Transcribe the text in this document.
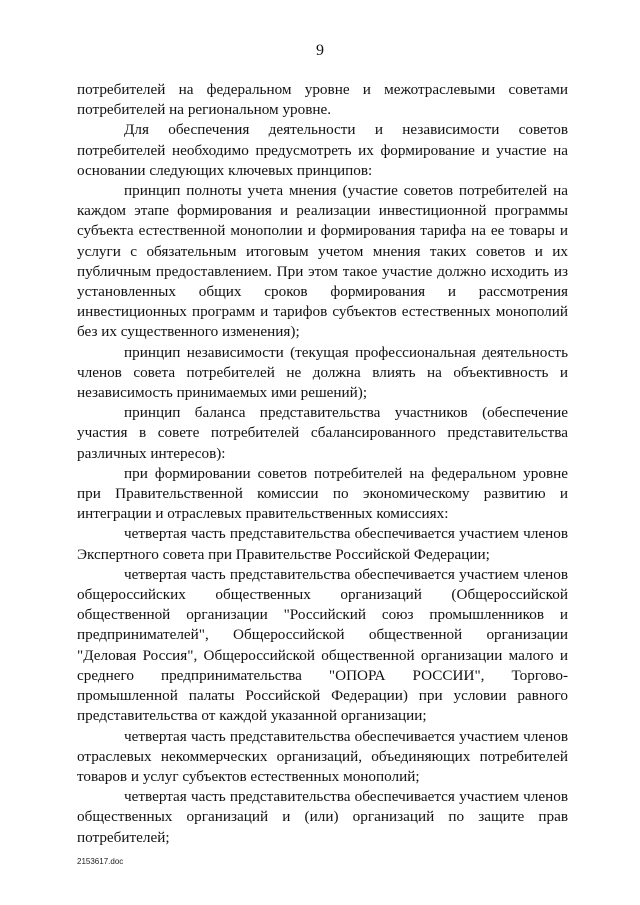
9

потребителей на федеральном уровне и межотраслевыми советами потребителей на региональном уровне.

Для обеспечения деятельности и независимости советов потребителей необходимо предусмотреть их формирование и участие на основании следующих ключевых принципов:

принцип полноты учета мнения (участие советов потребителей на каждом этапе формирования и реализации инвестиционной программы субъекта естественной монополии и формирования тарифа на ее товары и услуги с обязательным итоговым учетом мнения таких советов и их публичным предоставлением. При этом такое участие должно исходить из установленных общих сроков формирования и рассмотрения инвестиционных программ и тарифов субъектов естественных монополий без их существенного изменения);

принцип независимости (текущая профессиональная деятельность членов совета потребителей не должна влиять на объективность и независимость принимаемых ими решений);

принцип баланса представительства участников (обеспечение участия в совете потребителей сбалансированного представительства различных интересов):

при формировании советов потребителей на федеральном уровне при Правительственной комиссии по экономическому развитию и интеграции и отраслевых правительственных комиссиях:

четвертая часть представительства обеспечивается участием членов Экспертного совета при Правительстве Российской Федерации;

четвертая часть представительства обеспечивается участием членов общероссийских общественных организаций (Общероссийской общественной организации "Российский союз промышленников и предпринимателей", Общероссийской общественной организации "Деловая Россия", Общероссийской общественной организации малого и среднего предпринимательства "ОПОРА РОССИИ", Торгово-промышленной палаты Российской Федерации) при условии равного представительства от каждой указанной организации;

четвертая часть представительства обеспечивается участием членов отраслевых некоммерческих организаций, объединяющих потребителей товаров и услуг субъектов естественных монополий;

четвертая часть представительства обеспечивается участием членов общественных организаций и (или) организаций по защите прав потребителей;

2153617.doc
